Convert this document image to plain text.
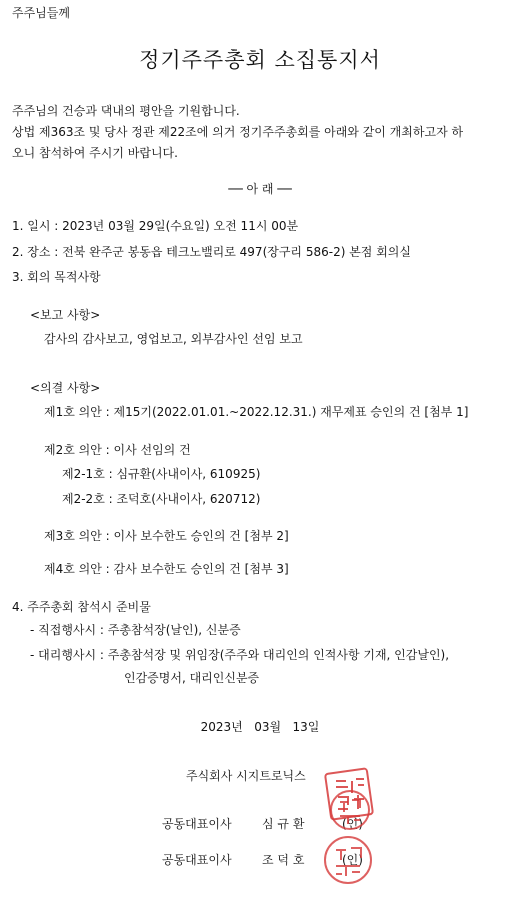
주주님들께
정기주주총회 소집통지서
주주님의 건승과 댁내의 평안을 기원합니다.
상법 제363조 및 당사 정관 제22조에 의거 정기주주총회를 아래와 같이 개최하고자 하
오니 참석하여 주시기 바랍니다.
── 아 래 ──
1. 일시 : 2023년 03월 29일(수요일) 오전 11시 00분
2. 장소 : 전북 완주군 봉동읍 테크노밸리로 497(장구리 586-2) 본점 회의실
3. 회의 목적사항
<보고 사항>
감사의 감사보고, 영업보고, 외부감사인 선임 보고
<의결 사항>
제1호 의안 : 제15기(2022.01.01.~2022.12.31.) 재무제표 승인의 건 [첨부 1]
제2호 의안 : 이사 선임의 건
제2-1호 : 심규환(사내이사, 610925)
제2-2호 : 조덕호(사내이사, 620712)
제3호 의안 : 이사 보수한도 승인의 건 [첨부 2]
제4호 의안 : 감사 보수한도 승인의 건 [첨부 3]
4. 주주총회 참석시 준비물
- 직접행사시 : 주총참석장(날인), 신분증
- 대리행사시 : 주총참석장 및 위임장(주주와 대리인의 인적사항 기재, 인감날인),
인감증명서, 대리인신분증
2023년   03월   13일
주식회사 시지트로닉스
공동대표이사	심 규 환	(인)
공동대표이사	조 덕 호	(인)
